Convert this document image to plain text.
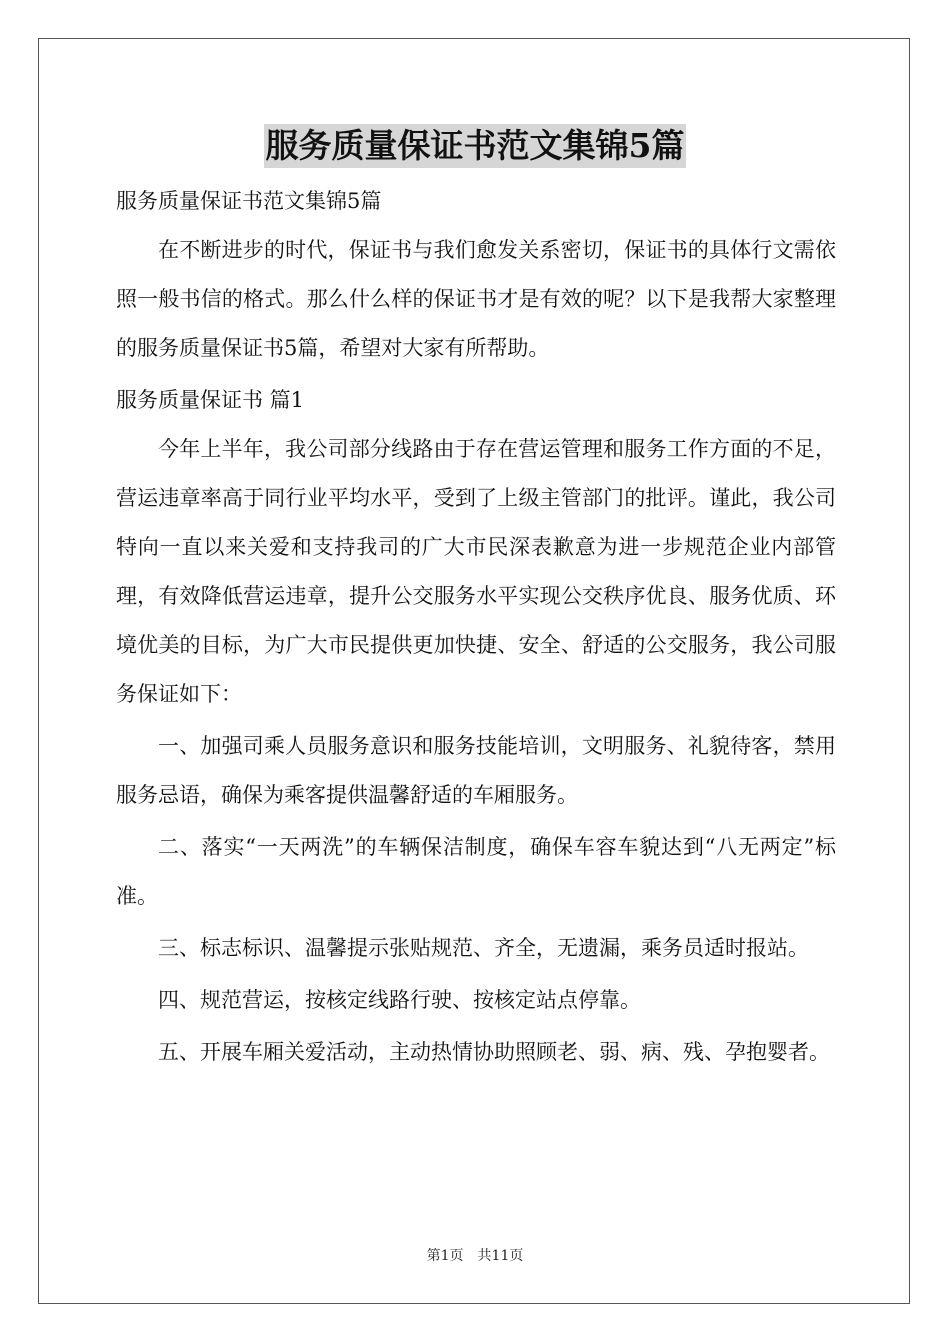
服务质量保证书范文集锦5篇

服务质量保证书范文集锦5篇

在不断进步的时代，保证书与我们愈发关系密切，保证书的具体行文需依照一般书信的格式。那么什么样的保证书才是有效的呢？以下是我帮大家整理的服务质量保证书5篇，希望对大家有所帮助。

服务质量保证书 篇1

今年上半年，我公司部分线路由于存在营运管理和服务工作方面的不足，营运违章率高于同行业平均水平，受到了上级主管部门的批评。谨此，我公司特向一直以来关爱和支持我司的广大市民深表歉意为进一步规范企业内部管理，有效降低营运违章，提升公交服务水平实现公交秩序优良、服务优质、环境优美的目标，为广大市民提供更加快捷、安全、舒适的公交服务，我公司服务保证如下：

一、加强司乘人员服务意识和服务技能培训，文明服务、礼貌待客，禁用服务忌语，确保为乘客提供温馨舒适的车厢服务。

二、落实“一天两洗”的车辆保洁制度，确保车容车貌达到“八无两定”标准。

三、标志标识、温馨提示张贴规范、齐全，无遗漏，乘务员适时报站。

四、规范营运，按核定线路行驶、按核定站点停靠。

五、开展车厢关爱活动，主动热情协助照顾老、弱、病、残、孕抱婴者。

第1页　共11页
